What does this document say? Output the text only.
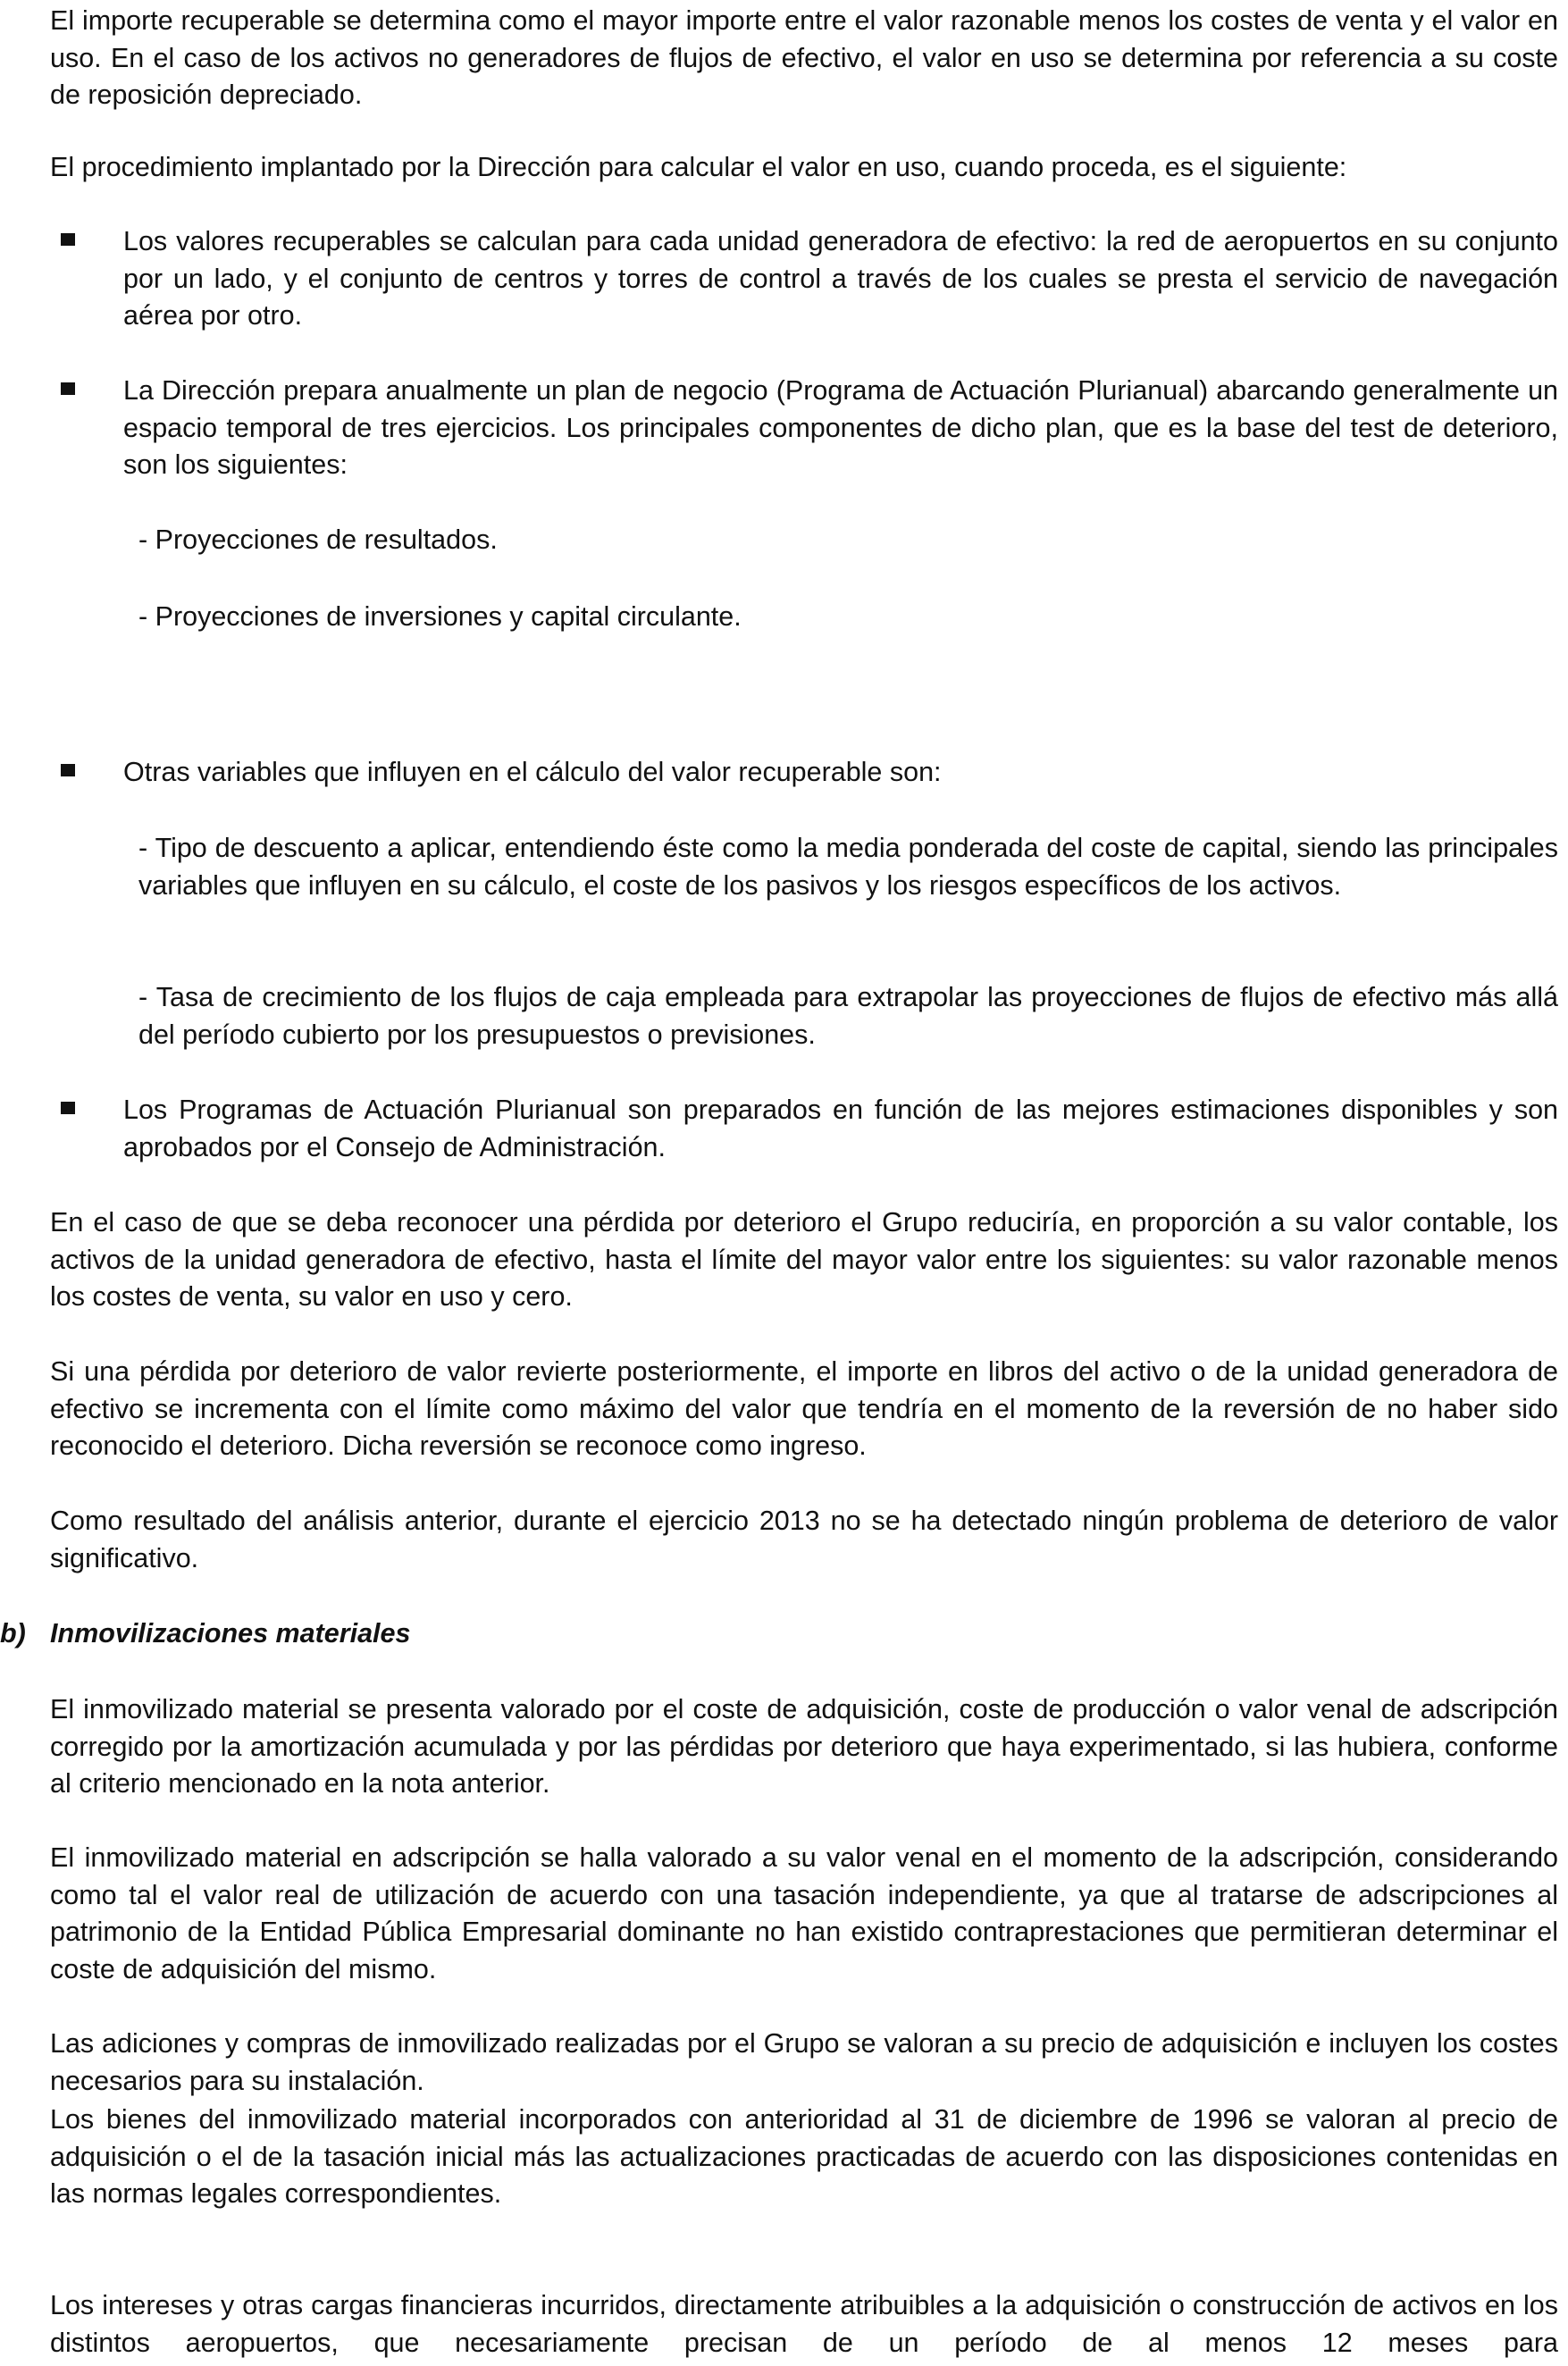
El importe recuperable se determina como el mayor importe entre el valor razonable menos los costes de venta y el valor en uso. En el caso de los activos no generadores de flujos de efectivo, el valor en uso se determina por referencia a su coste de reposición depreciado.

El procedimiento implantado por la Dirección para calcular el valor en uso, cuando proceda, es el siguiente:

Los valores recuperables se calculan para cada unidad generadora de efectivo: la red de aeropuertos en su conjunto por un lado, y el conjunto de centros y torres de control a través de los cuales se presta el servicio de navegación aérea por otro.

La Dirección prepara anualmente un plan de negocio (Programa de Actuación Plurianual) abarcando generalmente un espacio temporal de tres ejercicios. Los principales componentes de dicho plan, que es la base del test de deterioro, son los siguientes:

- Proyecciones de resultados.

- Proyecciones de inversiones y capital circulante.

Otras variables que influyen en el cálculo del valor recuperable son:

- Tipo de descuento a aplicar, entendiendo éste como la media ponderada del coste de capital, siendo las principales variables que influyen en su cálculo, el coste de los pasivos y los riesgos específicos de los activos.

- Tasa de crecimiento de los flujos de caja empleada para extrapolar las proyecciones de flujos de efectivo más allá del período cubierto por los presupuestos o previsiones.

Los Programas de Actuación Plurianual son preparados en función de las mejores estimaciones disponibles y son aprobados por el Consejo de Administración.

En el caso de que se deba reconocer una pérdida por deterioro el Grupo reduciría, en proporción a su valor contable, los activos de la unidad generadora de efectivo, hasta el límite del mayor valor entre los siguientes: su valor razonable menos los costes de venta, su valor en uso y cero.

Si una pérdida por deterioro de valor revierte posteriormente, el importe en libros del activo o de la unidad generadora de efectivo se incrementa con el límite como máximo del valor que tendría en el momento de la reversión de no haber sido reconocido el deterioro. Dicha reversión se reconoce como ingreso.

Como resultado del análisis anterior, durante el ejercicio 2013 no se ha detectado ningún problema de deterioro de valor significativo.

b) Inmovilizaciones materiales

El inmovilizado material se presenta valorado por el coste de adquisición, coste de producción o valor venal de adscripción corregido por la amortización acumulada y por las pérdidas por deterioro que haya experimentado, si las hubiera, conforme al criterio mencionado en la nota anterior.

El inmovilizado material en adscripción se halla valorado a su valor venal en el momento de la adscripción, considerando como tal el valor real de utilización de acuerdo con una tasación independiente, ya que al tratarse de adscripciones al patrimonio de la Entidad Pública Empresarial dominante no han existido contraprestaciones que permitieran determinar el coste de adquisición del mismo.

Las adiciones y compras de inmovilizado realizadas por el Grupo se valoran a su precio de adquisición e incluyen los costes necesarios para su instalación.

Los bienes del inmovilizado material incorporados con anterioridad al 31 de diciembre de 1996 se valoran al precio de adquisición o el de la tasación inicial más las actualizaciones practicadas de acuerdo con las disposiciones contenidas en las normas legales correspondientes.

Los intereses y otras cargas financieras incurridos, directamente atribuibles a la adquisición o construcción de activos en los distintos aeropuertos, que necesariamente precisan de un período de al menos 12 meses para
